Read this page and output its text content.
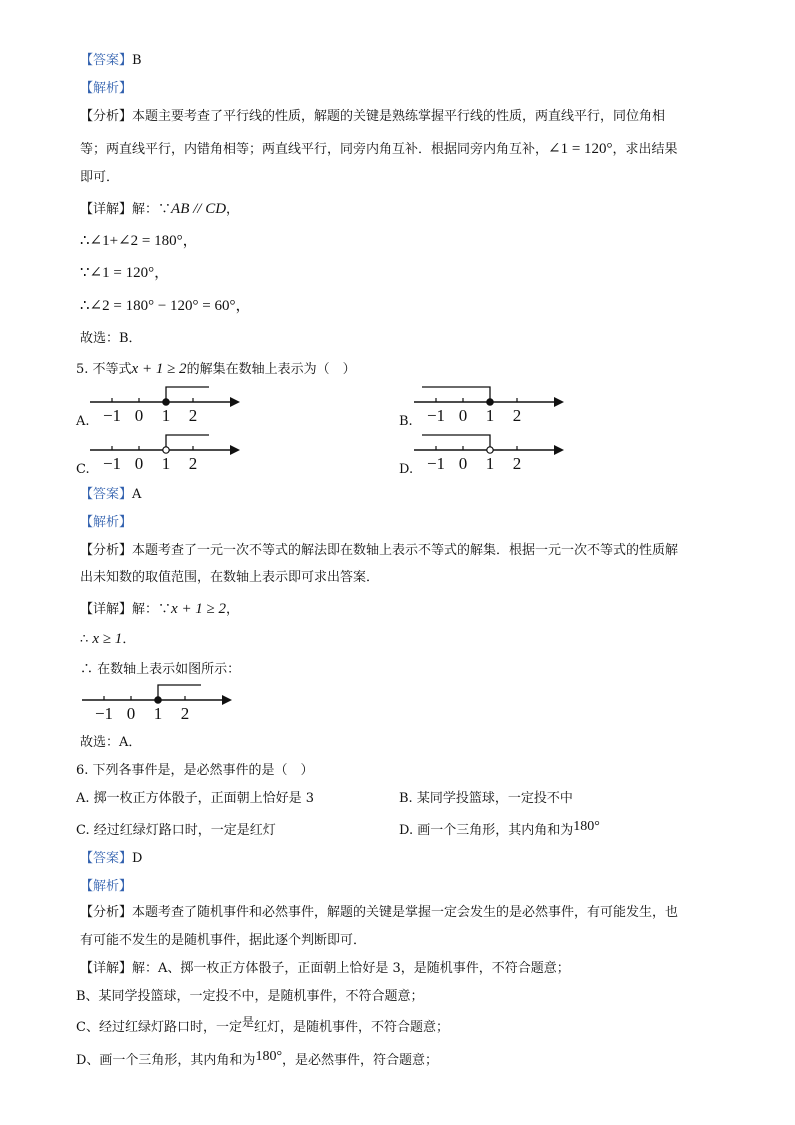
【答案】B
【解析】
【分析】本题主要考查了平行线的性质，解题的关键是熟练掌握平行线的性质，两直线平行，同位角相
等；两直线平行，内错角相等；两直线平行，同旁内角互补．根据同旁内角互补，∠1 = 120°，求出结果
即可．
【详解】解：∵AB // CD，
∴∠1+∠2 = 180°，
∵∠1 = 120°，
∴∠2 = 180° − 120° = 60°，
故选：B．
5. 不等式x + 1 ≥ 2的解集在数轴上表示为（　）
A. −1 0 1 2	B. −1 0 1 2
C. −1 0 1 2	D. −1 0 1 2
【答案】A
【解析】
【分析】本题考查了一元一次不等式的解法即在数轴上表示不等式的解集．根据一元一次不等式的性质解
出未知数的取值范围，在数轴上表示即可求出答案．
【详解】解：∵x + 1 ≥ 2，
∴ x ≥ 1．
∴ 在数轴上表示如图所示：
−1 0 1 2
故选：A．
6. 下列各事件是，是必然事件的是（　）
A. 掷一枚正方体骰子，正面朝上恰好是 3	B. 某同学投篮球，一定投不中
C. 经过红绿灯路口时，一定是红灯	D. 画一个三角形，其内角和为180°
【答案】D
【解析】
【分析】本题考查了随机事件和必然事件，解题的关键是掌握一定会发生的是必然事件，有可能发生，也
有可能不发生的是随机事件，据此逐个判断即可．
【详解】解：A、掷一枚正方体骰子，正面朝上恰好是 3，是随机事件，不符合题意；
B、某同学投篮球，一定投不中，是随机事件，不符合题意；
C、经过红绿灯路口时，一定是红灯，是随机事件，不符合题意；
D、画一个三角形，其内角和为180°，是必然事件，符合题意；
